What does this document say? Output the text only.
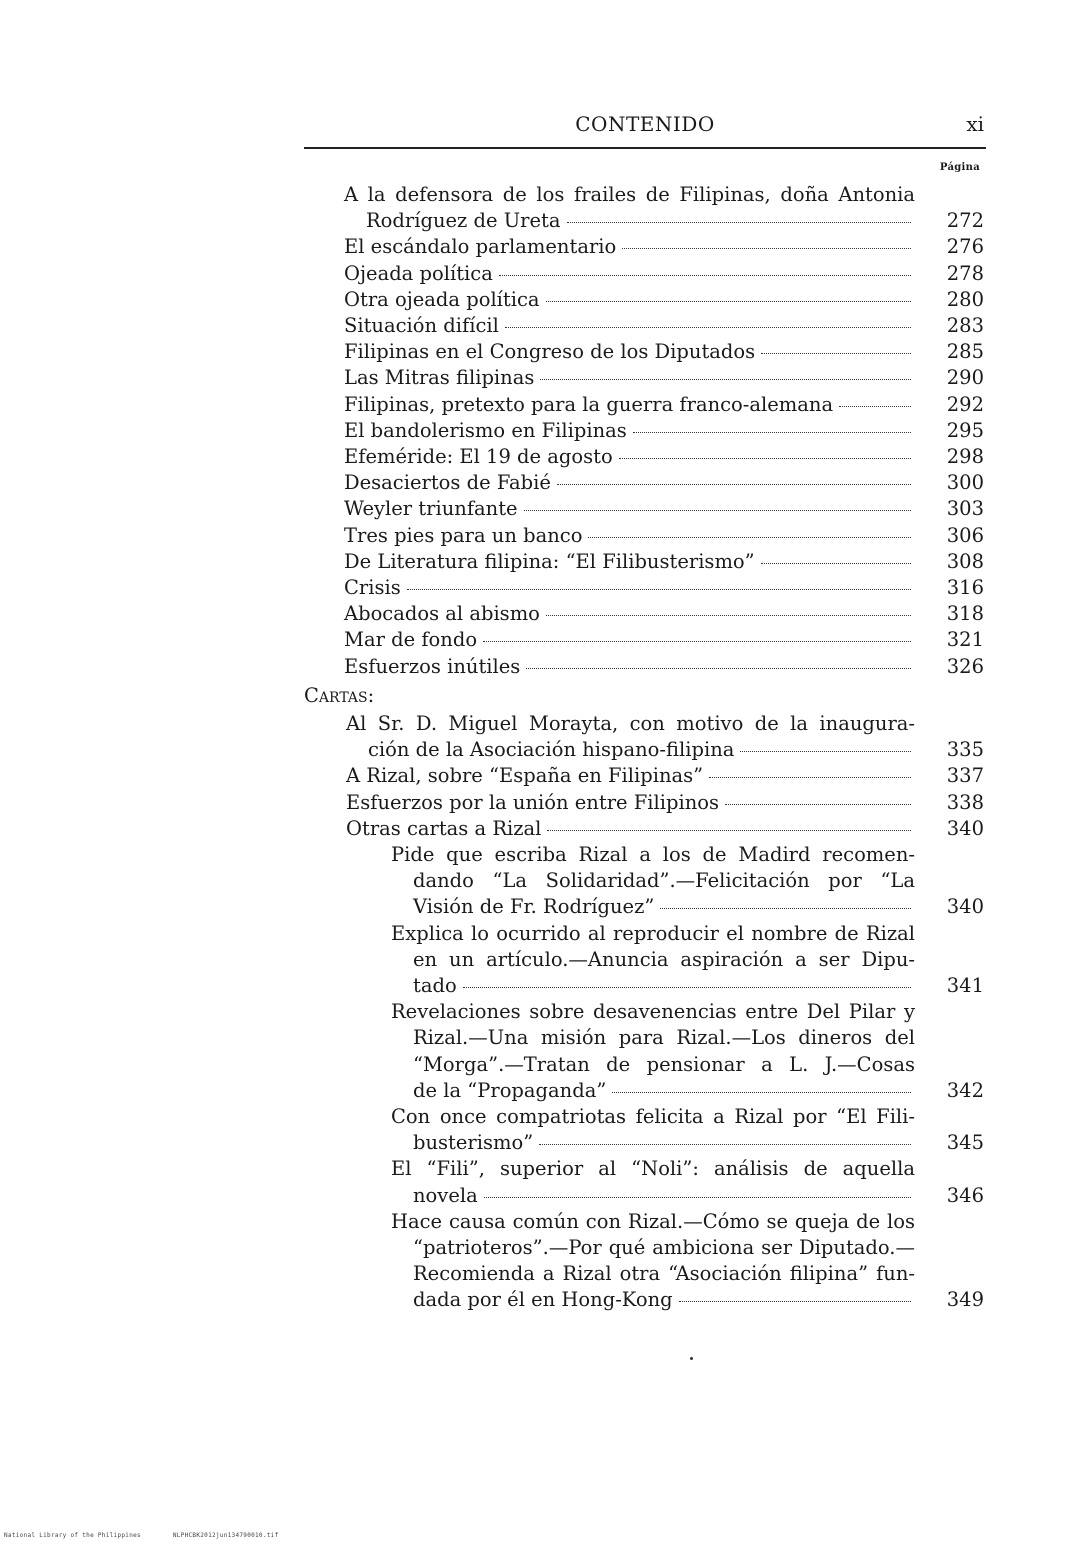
CONTENIDO	xi
Página
A la defensora de los frailes de Filipinas, doña Antonia
Rodríguez de Ureta	272
El escándalo parlamentario	276
Ojeada política	278
Otra ojeada política	280
Situación difícil	283
Filipinas en el Congreso de los Diputados	285
Las Mitras filipinas	290
Filipinas, pretexto para la guerra franco-alemana	292
El bandolerismo en Filipinas	295
Efeméride: El 19 de agosto	298
Desaciertos de Fabié	300
Weyler triunfante	303
Tres pies para un banco	306
De Literatura filipina: “El Filibusterismo”	308
Crisis	316
Abocados al abismo	318
Mar de fondo	321
Esfuerzos inútiles	326
Cartas:
Al Sr. D. Miguel Morayta, con motivo de la inaugura-
ción de la Asociación hispano-filipina	335
A Rizal, sobre “España en Filipinas”	337
Esfuerzos por la unión entre Filipinos	338
Otras cartas a Rizal	340
Pide que escriba Rizal a los de Madird recomen-
dando “La Solidaridad”.—Felicitación por “La
Visión de Fr. Rodríguez”	340
Explica lo ocurrido al reproducir el nombre de Rizal
en un artículo.—Anuncia aspiración a ser Dipu-
tado	341
Revelaciones sobre desavenencias entre Del Pilar y
Rizal.—Una misión para Rizal.—Los dineros del
“Morga”.—Tratan de pensionar a L. J.—Cosas
de la “Propaganda”	342
Con once compatriotas felicita a Rizal por “El Fili-
busterismo”	345
El “Fili”, superior al “Noli”: análisis de aquella
novela	346
Hace causa común con Rizal.—Cómo se queja de los
“patrioteros”.—Por qué ambiciona ser Diputado.—
Recomienda a Rizal otra “Asociación filipina” fun-
dada por él en Hong-Kong	349
National Library of the Philippines	NLPHCBK2012jun134790010.tif
